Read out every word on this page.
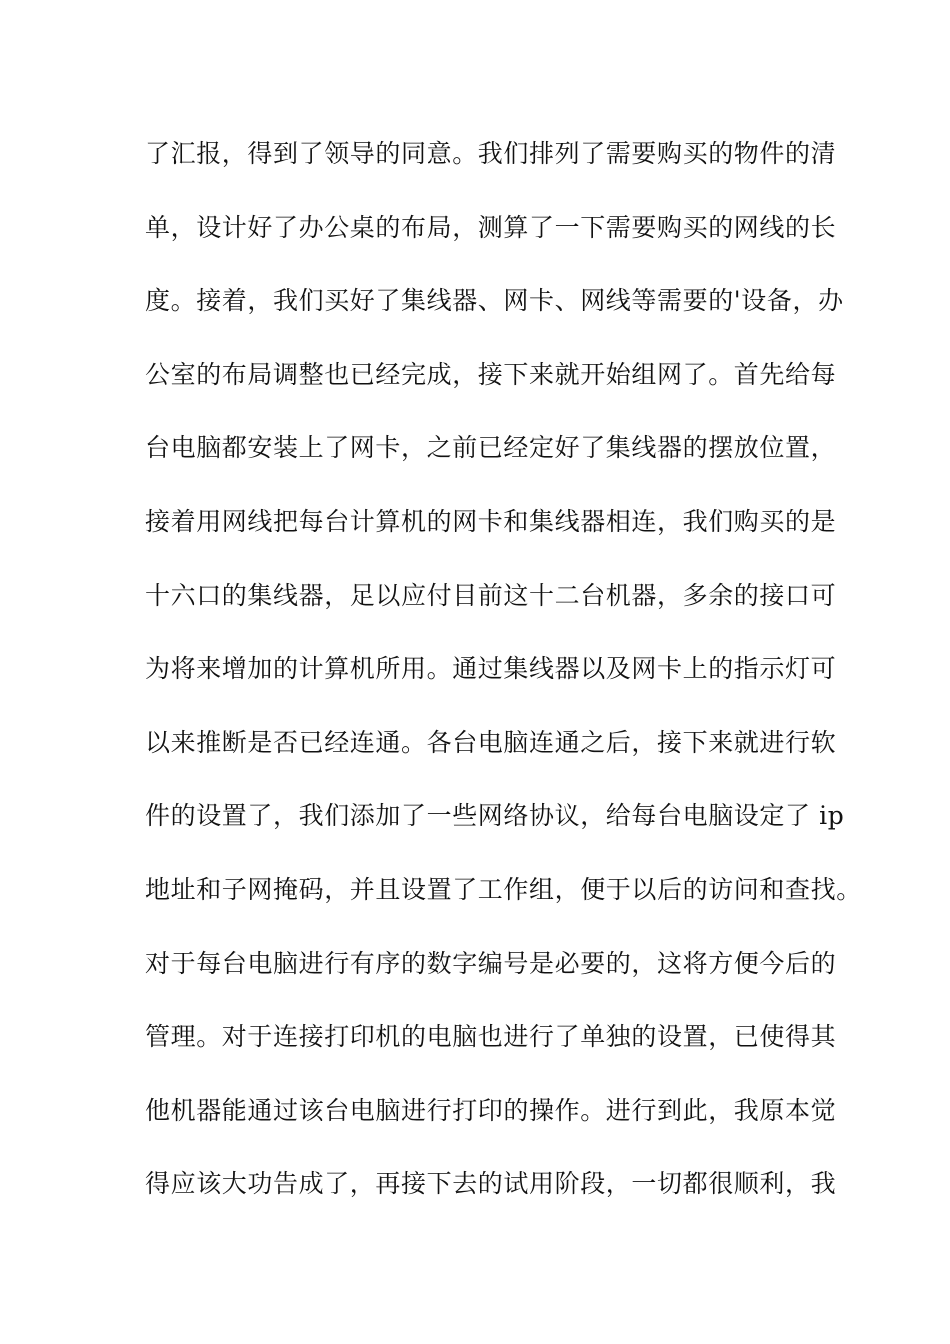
了汇报，得到了领导的同意。我们排列了需要购买的物件的清
单，设计好了办公桌的布局，测算了一下需要购买的网线的长
度。接着，我们买好了集线器、网卡、网线等需要的'设备，办
公室的布局调整也已经完成，接下来就开始组网了。首先给每
台电脑都安装上了网卡，之前已经定好了集线器的摆放位置，
接着用网线把每台计算机的网卡和集线器相连，我们购买的是
十六口的集线器，足以应付目前这十二台机器，多余的接口可
为将来增加的计算机所用。通过集线器以及网卡上的指示灯可
以来推断是否已经连通。各台电脑连通之后，接下来就进行软
件的设置了，我们添加了一些网络协议，给每台电脑设定了 ip
地址和子网掩码，并且设置了工作组，便于以后的访问和查找。
对于每台电脑进行有序的数字编号是必要的，这将方便今后的
管理。对于连接打印机的电脑也进行了单独的设置，已使得其
他机器能通过该台电脑进行打印的操作。进行到此，我原本觉
得应该大功告成了，再接下去的试用阶段，一切都很顺利，我
